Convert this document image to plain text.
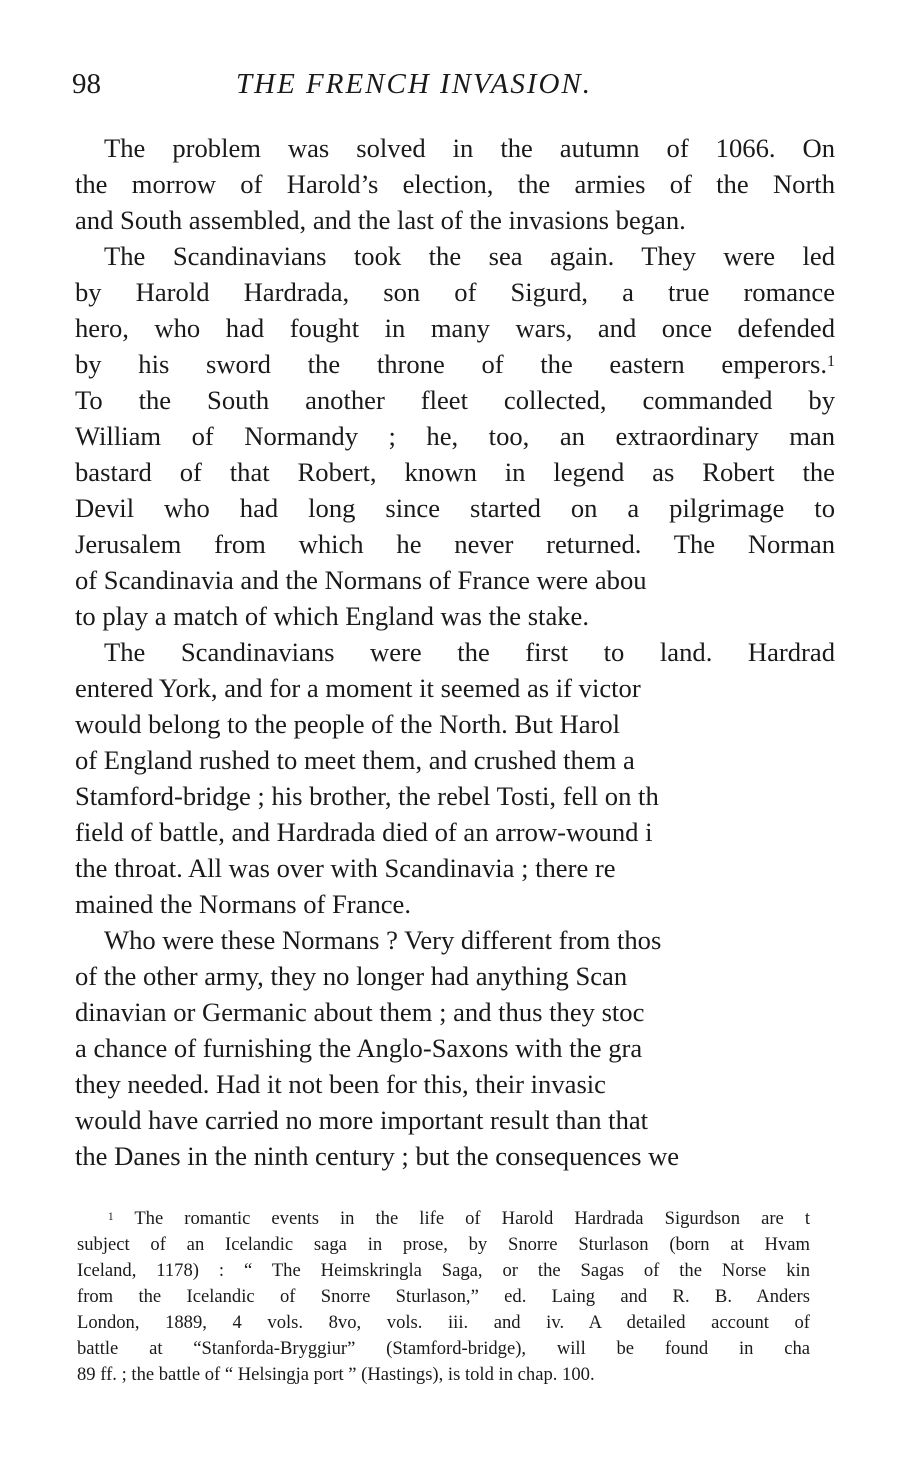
98	THE FRENCH INVASION.
The problem was solved in the autumn of 1066. On
the morrow of Harold’s election, the armies of the North
and South assembled, and the last of the invasions began.
The Scandinavians took the sea again. They were led
by Harold Hardrada, son of Sigurd, a true romance
hero, who had fought in many wars, and once defended
by his sword the throne of the eastern emperors.$^1$
To the South another fleet collected, commanded by
William of Normandy ; he, too, an extraordinary man
bastard of that Robert, known in legend as Robert the
Devil who had long since started on a pilgrimage to
Jerusalem from which he never returned. The Norman
of Scandinavia and the Normans of France were abou
to play a match of which England was the stake.
The Scandinavians were the first to land. Hardrad
entered York, and for a moment it seemed as if victor
would belong to the people of the North. But Harol
of England rushed to meet them, and crushed them a
Stamford-bridge ; his brother, the rebel Tosti, fell on th
field of battle, and Hardrada died of an arrow-wound i
the throat. All was over with Scandinavia ; there re
mained the Normans of France.
Who were these Normans ? Very different from thos
of the other army, they no longer had anything Scan
dinavian or Germanic about them ; and thus they stoc
a chance of furnishing the Anglo-Saxons with the gra
they needed. Had it not been for this, their invasic
would have carried no more important result than that
the Danes in the ninth century ; but the consequences we
$^1$ The romantic events in the life of Harold Hardrada Sigurdson are t
subject of an Icelandic saga in prose, by Snorre Sturlason (born at Hvam
Iceland, 1178) : “ The Heimskringla Saga, or the Sagas of the Norse kin
from the Icelandic of Snorre Sturlason,” ed. Laing and R. B. Anders
London, 1889, 4 vols. 8vo, vols. iii. and iv. A detailed account of
battle at “Stanforda-Bryggiur” (Stamford-bridge), will be found in cha
89 ff. ; the battle of “ Helsingja port ” (Hastings), is told in chap. 100.
